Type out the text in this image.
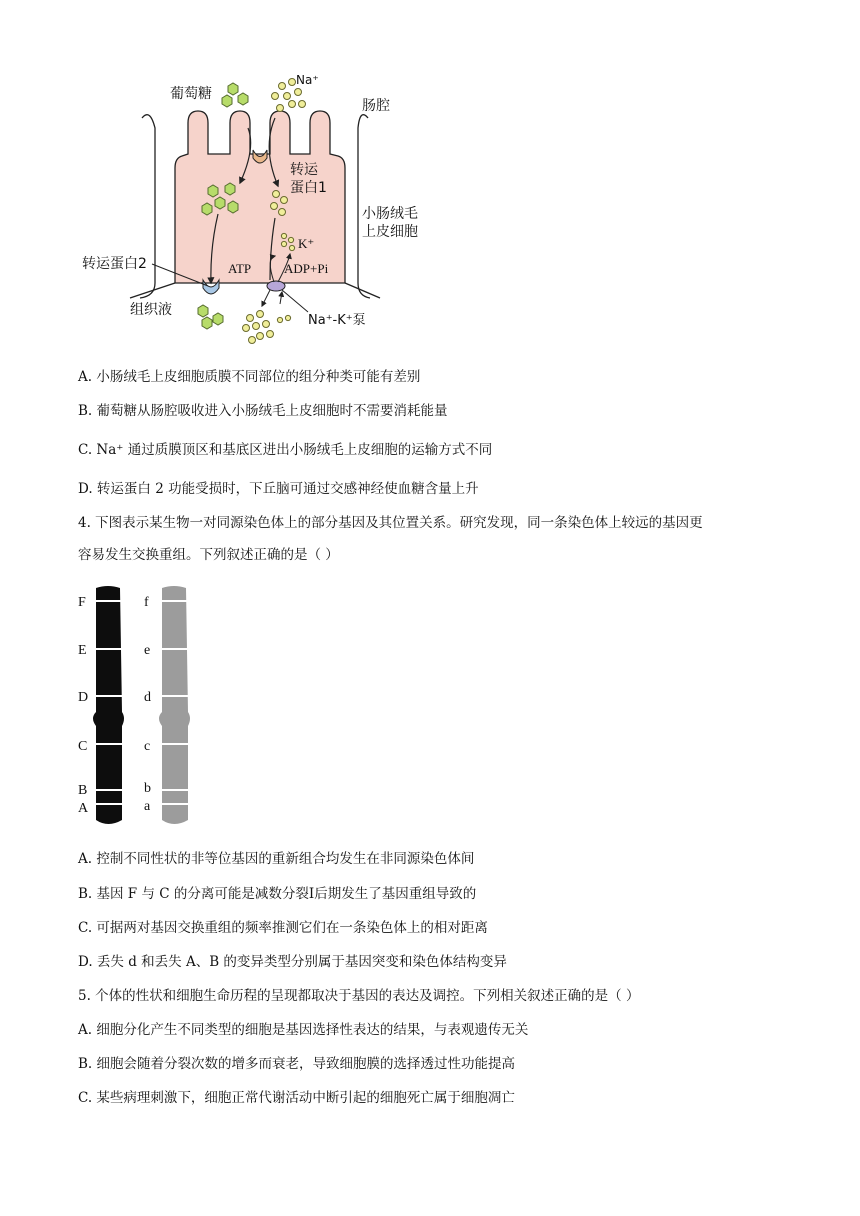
葡萄糖
Na⁺
肠腔
转运
蛋白1
小肠绒毛
上皮细胞
K⁺
ATP	ADP+Pi
转运蛋白2
组织液
Na⁺-K⁺泵
A. 小肠绒毛上皮细胞质膜不同部位的组分种类可能有差别
B. 葡萄糖从肠腔吸收进入小肠绒毛上皮细胞时不需要消耗能量
C. Na⁺ 通过质膜顶区和基底区进出小肠绒毛上皮细胞的运输方式不同
D. 转运蛋白 2 功能受损时，下丘脑可通过交感神经使血糖含量上升
4. 下图表示某生物一对同源染色体上的部分基因及其位置关系。研究发现，同一条染色体上较远的基因更
容易发生交换重组。下列叙述正确的是（ ）
F
E
D
C
B
A
f
e
d
c
b
a
A. 控制不同性状的非等位基因的重新组合均发生在非同源染色体间
B. 基因 F 与 C 的分离可能是减数分裂Ⅰ后期发生了基因重组导致的
C. 可据两对基因交换重组的频率推测它们在一条染色体上的相对距离
D. 丢失 d 和丢失 A、B 的变异类型分别属于基因突变和染色体结构变异
5. 个体的性状和细胞生命历程的呈现都取决于基因的表达及调控。下列相关叙述正确的是（ ）
A. 细胞分化产生不同类型的细胞是基因选择性表达的结果，与表观遗传无关
B. 细胞会随着分裂次数的增多而衰老，导致细胞膜的选择透过性功能提高
C. 某些病理刺激下，细胞正常代谢活动中断引起的细胞死亡属于细胞凋亡
